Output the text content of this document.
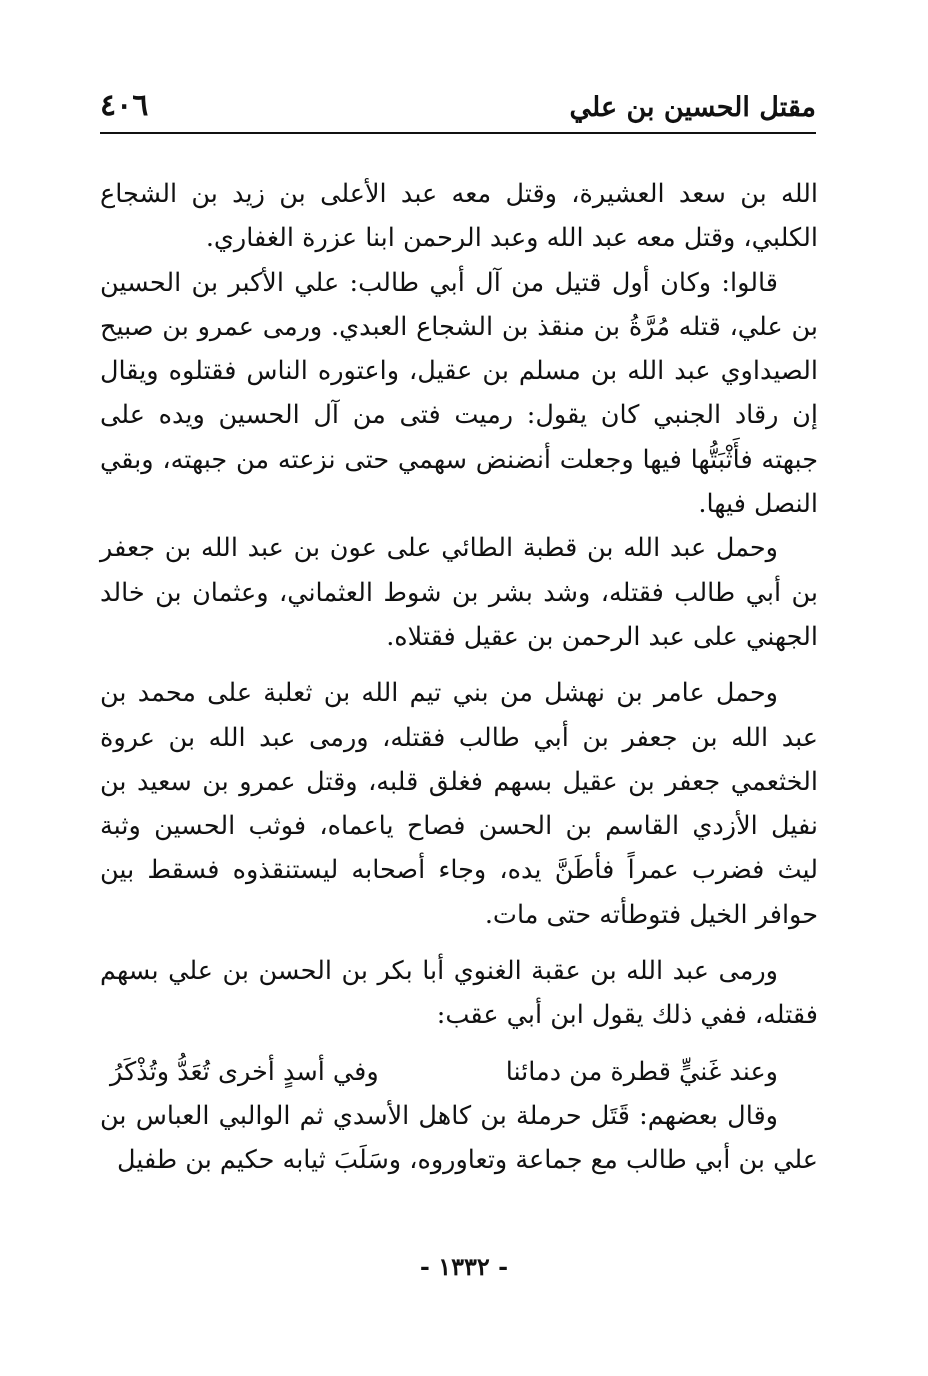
٤٠٦	مقتل الحسين بن علي

الله بن سعد العشيرة، وقتل معه عبد الأعلى بن زيد بن الشجاع الكلبي، وقتل معه عبد الله وعبد الرحمن ابنا عزرة الغفاري.

قالوا: وكان أول قتيل من آل أبي طالب: علي الأكبر بن الحسين بن علي، قتله مُرَّةُ بن منقذ بن الشجاع العبدي. ورمى عمرو بن صبيح الصيداوي عبد الله بن مسلم بن عقيل، واعتوره الناس فقتلوه ويقال إن رقاد الجنبي كان يقول: رميت فتى من آل الحسين ويده على جبهته فأَثْبَتُّها فيها وجعلت أنضنض سهمي حتى نزعته من جبهته، وبقي النصل فيها.

وحمل عبد الله بن قطبة الطائي على عون بن عبد الله بن جعفر بن أبي طالب فقتله، وشد بشر بن شوط العثماني، وعثمان بن خالد الجهني على عبد الرحمن بن عقيل فقتلاه.

وحمل عامر بن نهشل من بني تيم الله بن ثعلبة على محمد بن عبد الله بن جعفر بن أبي طالب فقتله، ورمى عبد الله بن عروة الخثعمي جعفر بن عقيل بسهم فغلق قلبه، وقتل عمرو بن سعيد بن نفيل الأزدي القاسم بن الحسن فصاح ياعماه، فوثب الحسين وثبة ليث فضرب عمراً فأطَنَّ يده، وجاء أصحابه ليستنقذوه فسقط بين حوافر الخيل فتوطأته حتى مات.

ورمى عبد الله بن عقبة الغنوي أبا بكر بن الحسن بن علي بسهم فقتله، ففي ذلك يقول ابن أبي عقب:

وعند غَنيٍّ قطرة من دمائنا
وفي أسدٍ أخرى تُعَدُّ وتُذْكَرُ

وقال بعضهم: قَتَل حرملة بن كاهل الأسدي ثم الوالبي العباس بن علي بن أبي طالب مع جماعة وتعاوروه، وسَلَبَ ثيابه حكيم بن طفيل

- ١٣٣٢ -
